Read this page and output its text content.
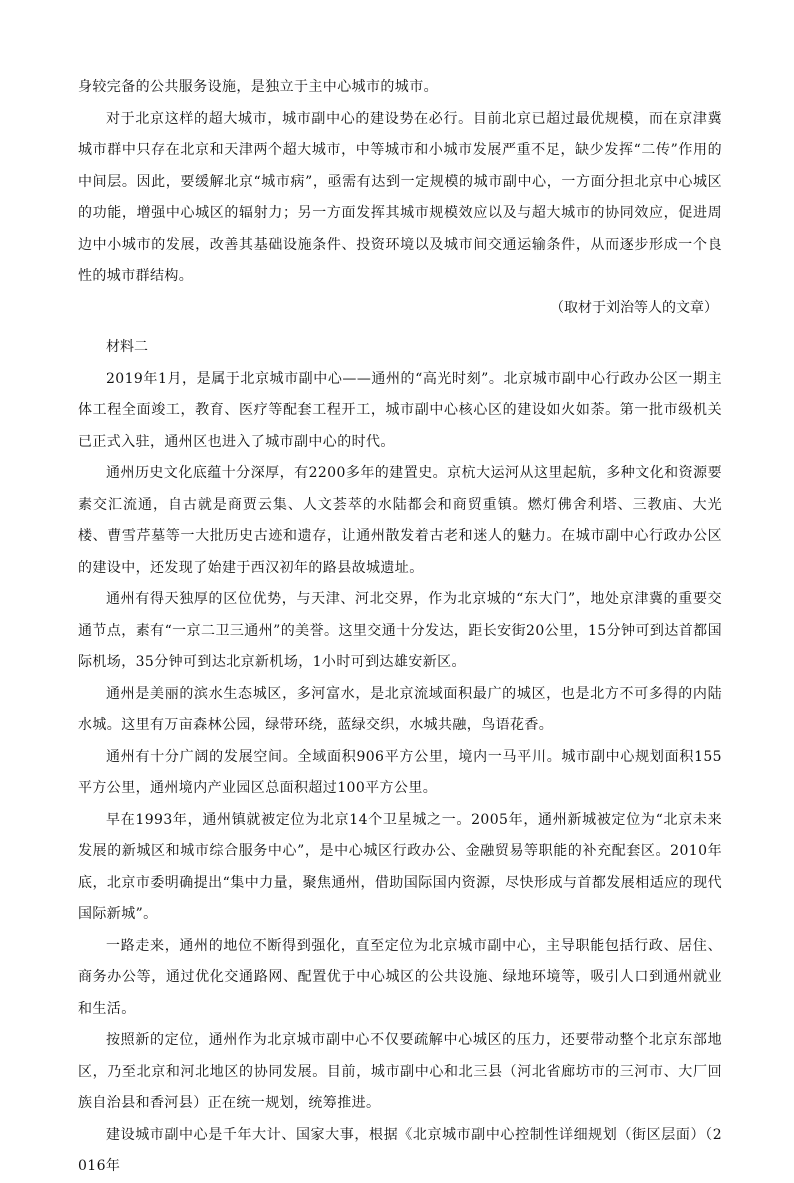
身较完备的公共服务设施，是独立于主中心城市的城市。

对于北京这样的超大城市，城市副中心的建设势在必行。目前北京已超过最优规模，而在京津冀城市群中只存在北京和天津两个超大城市，中等城市和小城市发展严重不足，缺少发挥“二传”作用的中间层。因此，要缓解北京“城市病”，亟需有达到一定规模的城市副中心，一方面分担北京中心城区的功能，增强中心城区的辐射力；另一方面发挥其城市规模效应以及与超大城市的协同效应，促进周边中小城市的发展，改善其基础设施条件、投资环境以及城市间交通运输条件，从而逐步形成一个良性的城市群结构。

（取材于刘治等人的文章）

材料二

2019年1月，是属于北京城市副中心——通州的“高光时刻”。北京城市副中心行政办公区一期主体工程全面竣工，教育、医疗等配套工程开工，城市副中心核心区的建设如火如荼。第一批市级机关已正式入驻，通州区也进入了城市副中心的时代。

通州历史文化底蕴十分深厚，有2200多年的建置史。京杭大运河从这里起航，多种文化和资源要素交汇流通，自古就是商贾云集、人文荟萃的水陆都会和商贸重镇。燃灯佛舍利塔、三教庙、大光楼、曹雪芹墓等一大批历史古迹和遗存，让通州散发着古老和迷人的魅力。在城市副中心行政办公区的建设中，还发现了始建于西汉初年的路县故城遗址。

通州有得天独厚的区位优势，与天津、河北交界，作为北京城的“东大门”，地处京津冀的重要交通节点，素有“一京二卫三通州”的美誉。这里交通十分发达，距长安街20公里，15分钟可到达首都国际机场，35分钟可到达北京新机场，1小时可到达雄安新区。

通州是美丽的滨水生态城区，多河富水，是北京流域面积最广的城区，也是北方不可多得的内陆水城。这里有万亩森林公园，绿带环绕，蓝绿交织，水城共融，鸟语花香。

通州有十分广阔的发展空间。全域面积906平方公里，境内一马平川。城市副中心规划面积155平方公里，通州境内产业园区总面积超过100平方公里。

早在1993年，通州镇就被定位为北京14个卫星城之一。2005年，通州新城被定位为“北京未来发展的新城区和城市综合服务中心”，是中心城区行政办公、金融贸易等职能的补充配套区。2010年底，北京市委明确提出“集中力量，聚焦通州，借助国际国内资源，尽快形成与首都发展相适应的现代国际新城”。

一路走来，通州的地位不断得到强化，直至定位为北京城市副中心，主导职能包括行政、居住、商务办公等，通过优化交通路网、配置优于中心城区的公共设施、绿地环境等，吸引人口到通州就业和生活。

按照新的定位，通州作为北京城市副中心不仅要疏解中心城区的压力，还要带动整个北京东部地区，乃至北京和河北地区的协同发展。目前，城市副中心和北三县（河北省廊坊市的三河市、大厂回族自治县和香河县）正在统一规划，统筹推进。

建设城市副中心是千年大计、国家大事，根据《北京城市副中心控制性详细规划（街区层面）（2016年
